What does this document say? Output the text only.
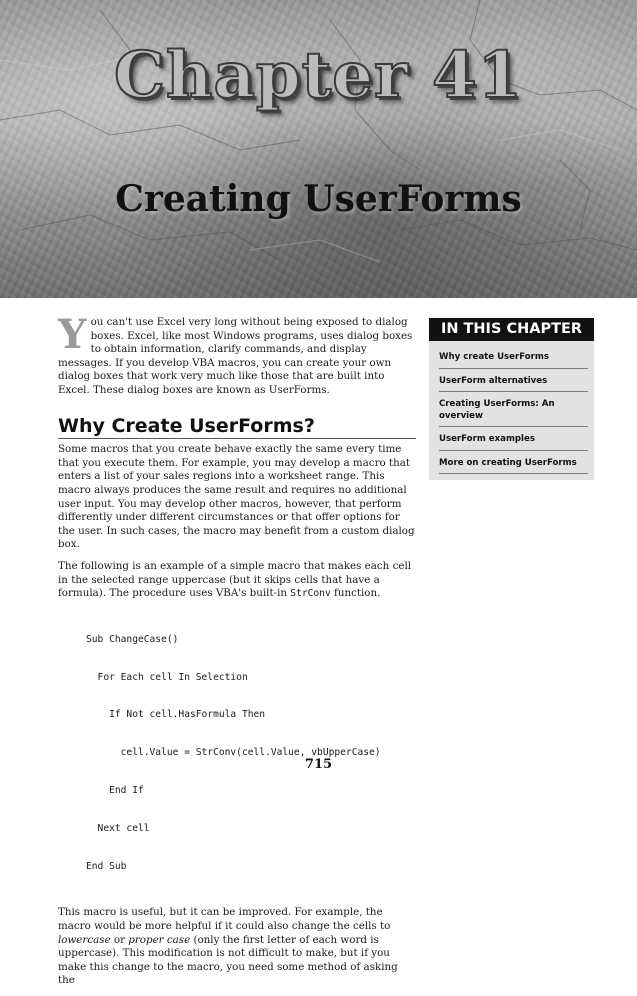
Chapter 41
Creating UserForms

You can't use Excel very long without being exposed to dialog boxes. Excel, like most Windows programs, uses dialog boxes to obtain information, clarify commands, and display messages. If you develop VBA macros, you can create your own dialog boxes that work very much like those that are built into Excel. These dialog boxes are known as UserForms.

Why Create UserForms?

Some macros that you create behave exactly the same every time that you execute them. For example, you may develop a macro that enters a list of your sales regions into a worksheet range. This macro always produces the same result and requires no additional user input. You may develop other macros, however, that perform differently under different circumstances or that offer options for the user. In such cases, the macro may benefit from a custom dialog box.

The following is an example of a simple macro that makes each cell in the selected range uppercase (but it skips cells that have a formula). The procedure uses VBA's built-in StrConv function.

Sub ChangeCase()

For Each cell In Selection

If Not cell.HasFormula Then

cell.Value = StrConv(cell.Value, vbUpperCase)

End If

Next cell

End Sub

This macro is useful, but it can be improved. For example, the macro would be more helpful if it could also change the cells to lowercase or proper case (only the first letter of each word is uppercase). This modification is not difficult to make, but if you make this change to the macro, you need some method of asking the

IN THIS CHAPTER
Why create UserForms
UserForm alternatives
Creating UserForms: An overview
UserForm examples
More on creating UserForms
715
